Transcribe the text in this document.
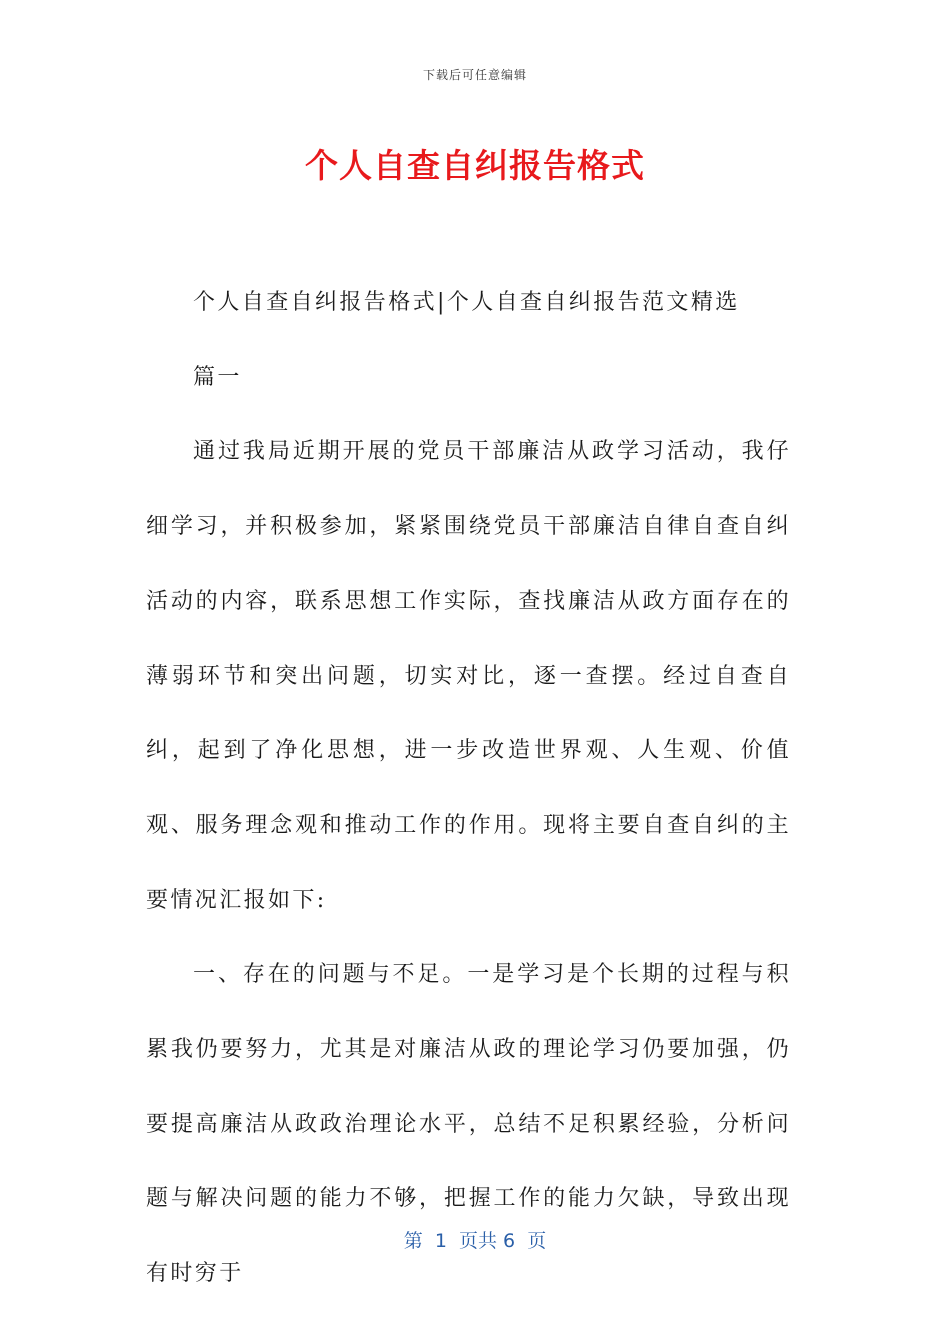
下载后可任意编辑
个人自查自纠报告格式

个人自查自纠报告格式|个人自查自纠报告范文精选

篇一

通过我局近期开展的党员干部廉洁从政学习活动，我仔细学习，并积极参加，紧紧围绕党员干部廉洁自律自查自纠活动的内容，联系思想工作实际，查找廉洁从政方面存在的薄弱环节和突出问题，切实对比，逐一查摆。经过自查自纠，起到了净化思想，进一步改造世界观、人生观、价值观、服务理念观和推动工作的作用。现将主要自查自纠的主要情况汇报如下:

一、存在的问题与不足。一是学习是个长期的过程与积累我仍要努力，尤其是对廉洁从政的理论学习仍要加强，仍要提高廉洁从政政治理论水平，总结不足积累经验，分析问题与解决问题的能力不够，把握工作的能力欠缺，导致出现有时穷于

第  1  页共 6  页
